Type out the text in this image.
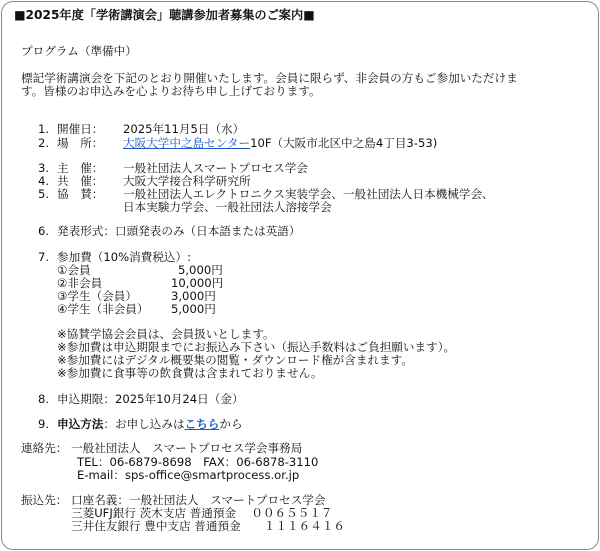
■2025年度「学術講演会」聴講参加者募集のご案内■
プログラム（準備中）
標記学術講演会を下記のとおり開催いたします。会員に限らず、非会員の方もご参加いただけま
す。皆様のお申込みを心よりお待ち申し上げております。
1. 開催日： 2025年11月5日（水）
2. 場　所： 大阪大学中之島センター10F（大阪市北区中之島4丁目3-53)
3. 主　催： 一般社団法人スマートプロセス学会
4. 共　催： 大阪大学接合科学研究所
5. 協　賛： 一般社団法人エレクトロニクス実装学会、一般社団法人日本機械学会、
日本実験力学会、一般社団法人溶接学会
6. 発表形式：口頭発表のみ（日本語または英語）
7. 参加費（10%消費税込）:
①会員	5,000円
②非会員	10,000円
③学生（会員）	3,000円
④学生（非会員） 5,000円
※協賛学協会会員は、会員扱いとします。
※参加費は申込期限までにお振込み下さい（振込手数料はご負担願います）。
※参加費にはデジタル概要集の閲覧・ダウンロード権が含まれます。
※参加費に食事等の飲食費は含まれておりません。
8. 申込期限：2025年10月24日（金）
9. 申込方法：お申し込みはこちらから
連絡先： 一般社団法人　スマートプロセス学会事務局
TEL：06-6879-8698　FAX：06-6878-3110
E-mail：sps-office@smartprocess.or.jp
振込先： 口座名義：一般社団法人　スマートプロセス学会
三菱UFJ銀行 茨木支店 普通預金　 ００６５５１７
三井住友銀行 豊中支店 普通預金　　１１１６４１６
